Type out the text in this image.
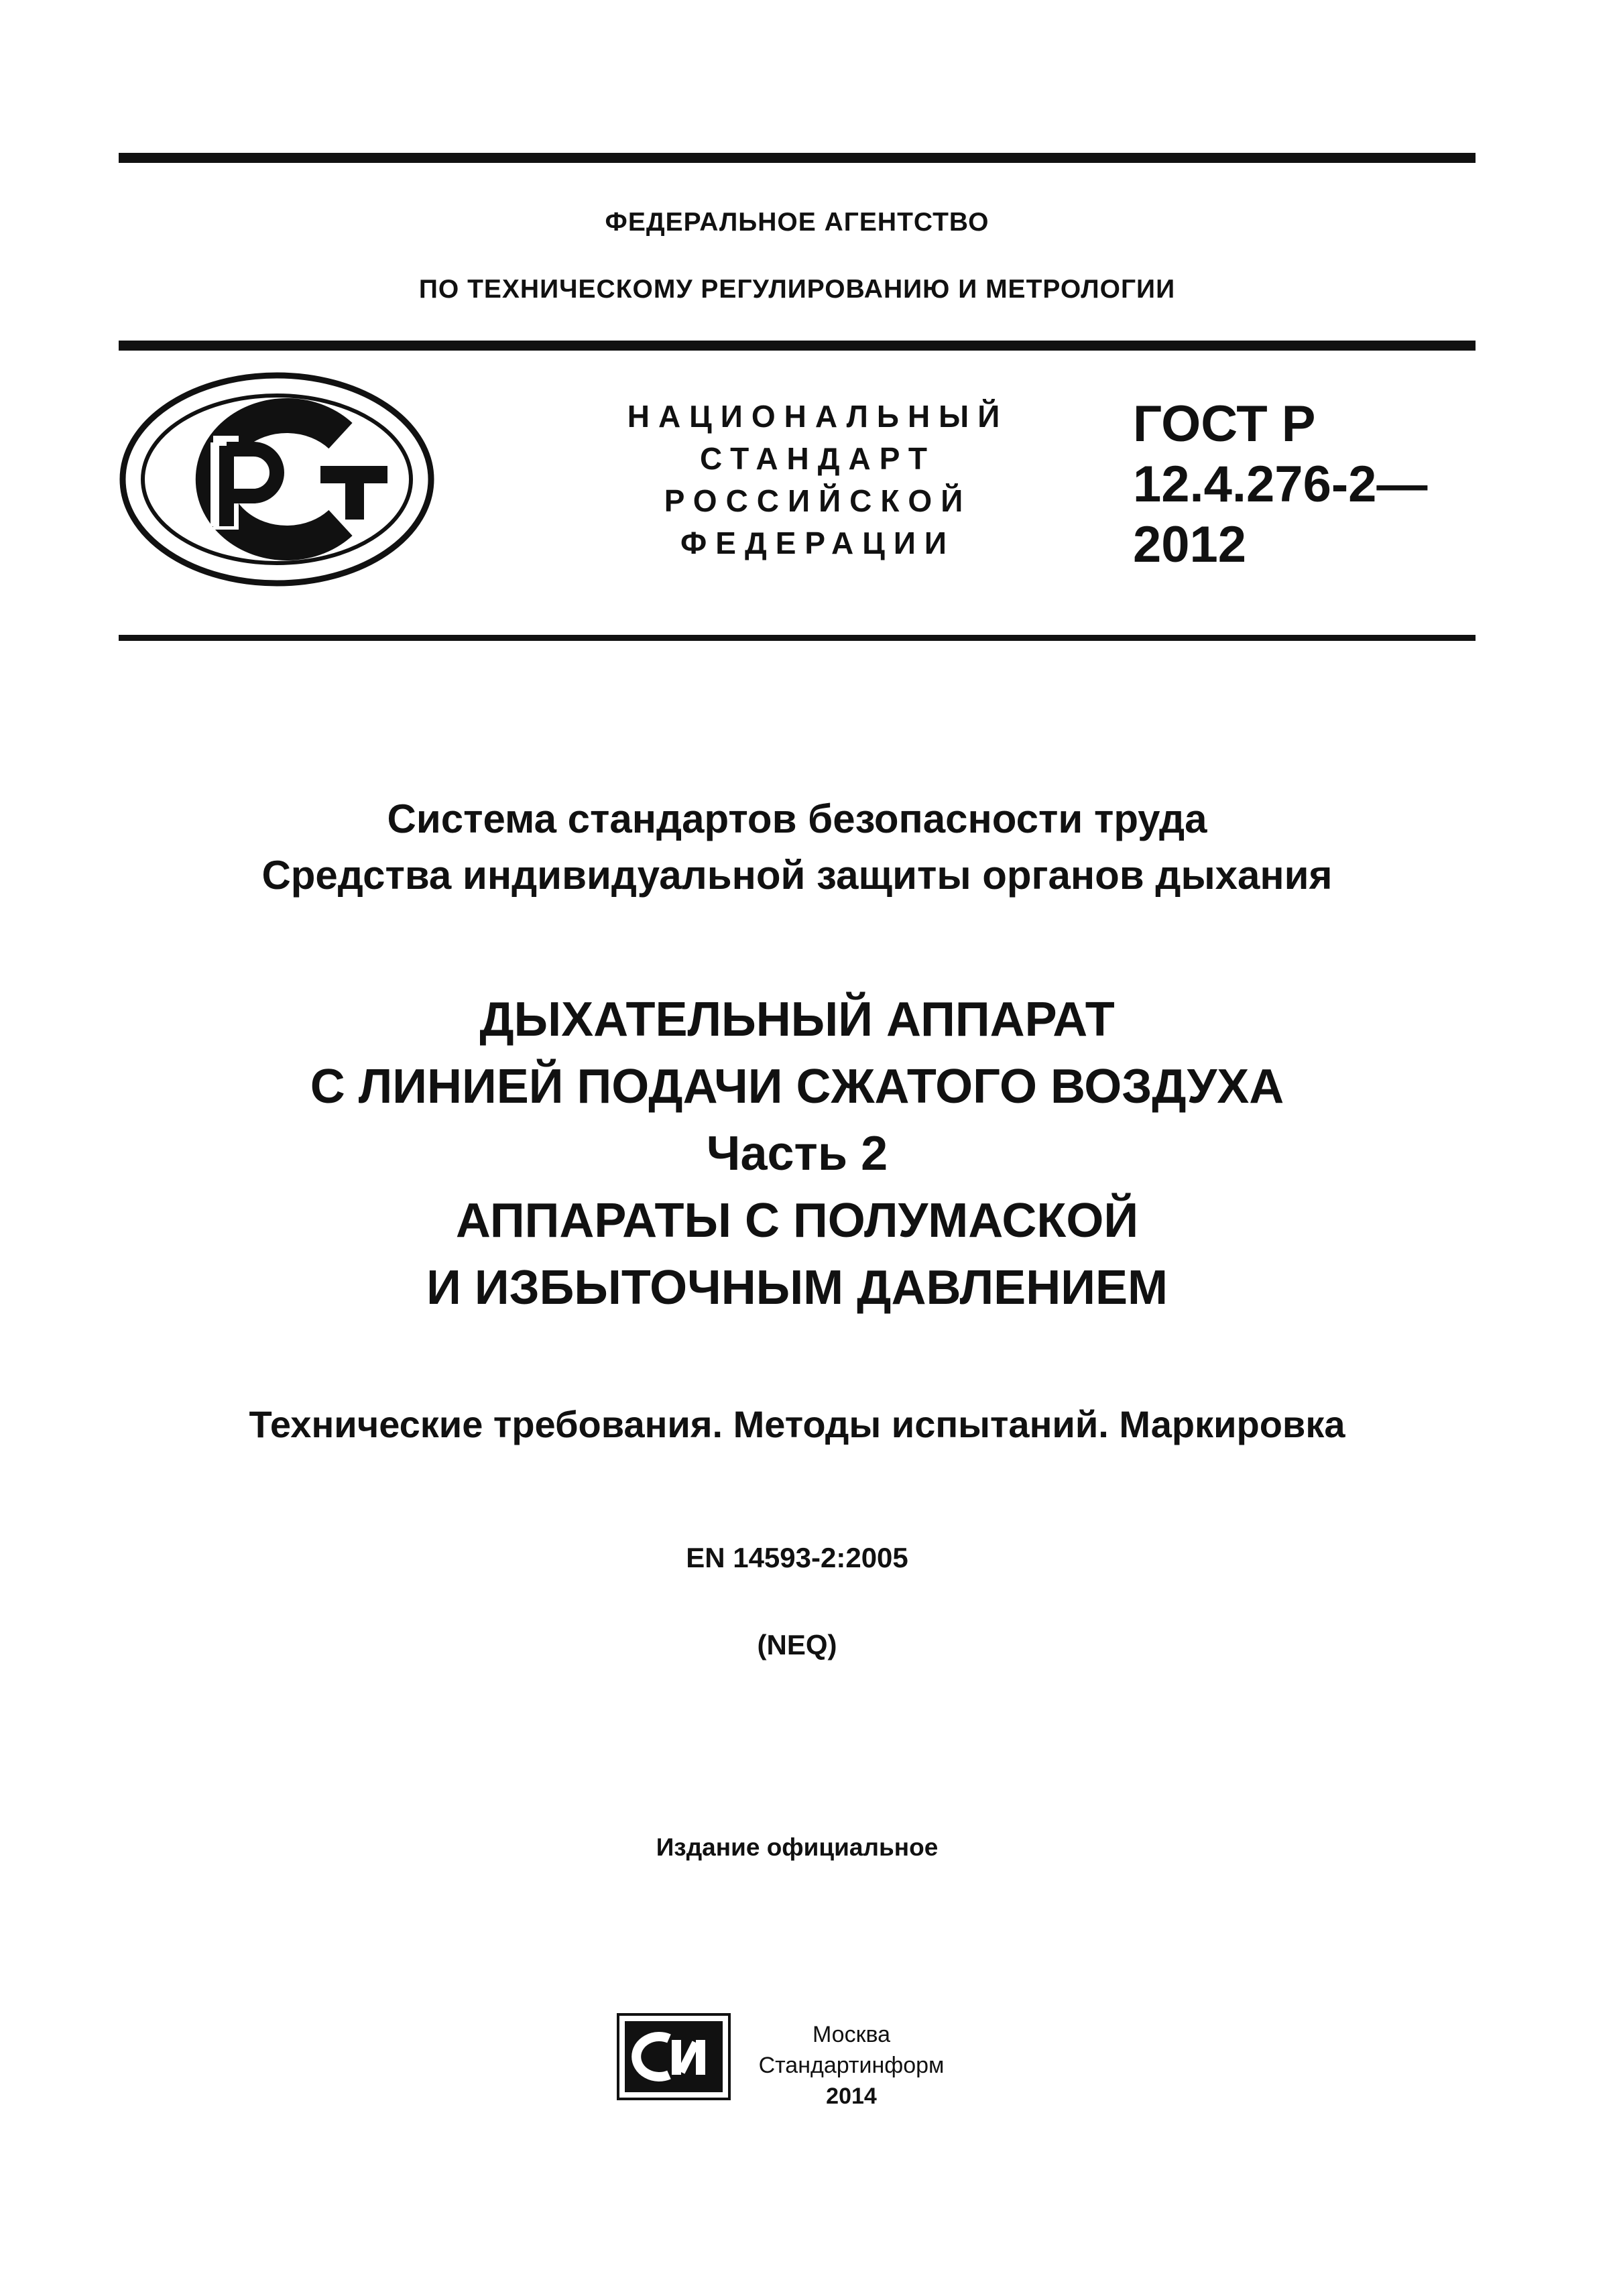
ФЕДЕРАЛЬНОЕ АГЕНТСТВО
ПО ТЕХНИЧЕСКОМУ РЕГУЛИРОВАНИЮ И МЕТРОЛОГИИ
НАЦИОНАЛЬНЫЙ
СТАНДАРТ
РОССИЙСКОЙ
ФЕДЕРАЦИИ
ГОСТ Р
12.4.276-2—
2012
Система стандартов безопасности труда
Средства индивидуальной защиты органов дыхания
ДЫХАТЕЛЬНЫЙ АППАРАТ
С ЛИНИЕЙ ПОДАЧИ СЖАТОГО ВОЗДУХА
Часть 2
АППАРАТЫ С ПОЛУМАСКОЙ
И ИЗБЫТОЧНЫМ ДАВЛЕНИЕМ
Технические требования. Методы испытаний. Маркировка
EN 14593-2:2005
(NEQ)
Издание официальное
Москва
Стандартинформ
2014
